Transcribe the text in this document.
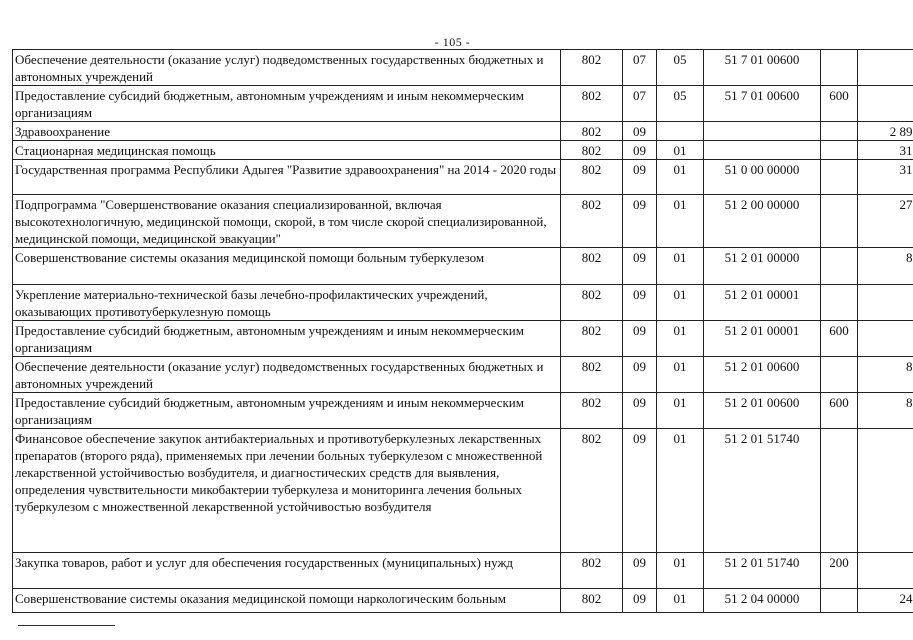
- 105 -
Обеспечение деятельности (оказание услуг) подведомственных государственных бюджетных и автономных учреждений	802	07	05	51 7 01 00600		
Предоставление субсидий бюджетным, автономным учреждениям и иным некоммерческим организациям	802	07	05	51 7 01 00600	600	
Здравоохранение	802	09				2 89
Стационарная медицинская помощь	802	09	01			31
Государственная программа Республики Адыгея "Развитие здравоохранения" на 2014 - 2020 годы	802	09	01	51 0 00 00000		31
Подпрограмма "Совершенствование оказания специализированной, включая высокотехнологичную, медицинской помощи, скорой, в том числе скорой специализированной, медицинской помощи, медицинской эвакуации"	802	09	01	51 2 00 00000		27
Совершенствование системы оказания медицинской помощи больным туберкулезом	802	09	01	51 2 01 00000		8
Укрепление материально-технической базы лечебно-профилактических учреждений, оказывающих противотуберкулезную помощь	802	09	01	51 2 01 00001		
Предоставление субсидий бюджетным, автономным учреждениям и иным некоммерческим организациям	802	09	01	51 2 01 00001	600	
Обеспечение деятельности (оказание услуг) подведомственных государственных бюджетных и автономных учреждений	802	09	01	51 2 01 00600		8
Предоставление субсидий бюджетным, автономным учреждениям и иным некоммерческим организациям	802	09	01	51 2 01 00600	600	8
Финансовое обеспечение закупок антибактериальных и противотуберкулезных лекарственных препаратов (второго ряда), применяемых при лечении больных туберкулезом с множественной лекарственной устойчивостью возбудителя, и диагностических средств для выявления, определения чувствительности микобактерии туберкулеза и мониторинга лечения больных туберкулезом с множественной лекарственной устойчивостью возбудителя	802	09	01	51 2 01 51740		
Закупка товаров, работ и услуг для обеспечения государственных (муниципальных) нужд	802	09	01	51 2 01 51740	200	
Совершенствование системы оказания медицинской помощи наркологическим больным	802	09	01	51 2 04 00000		24
